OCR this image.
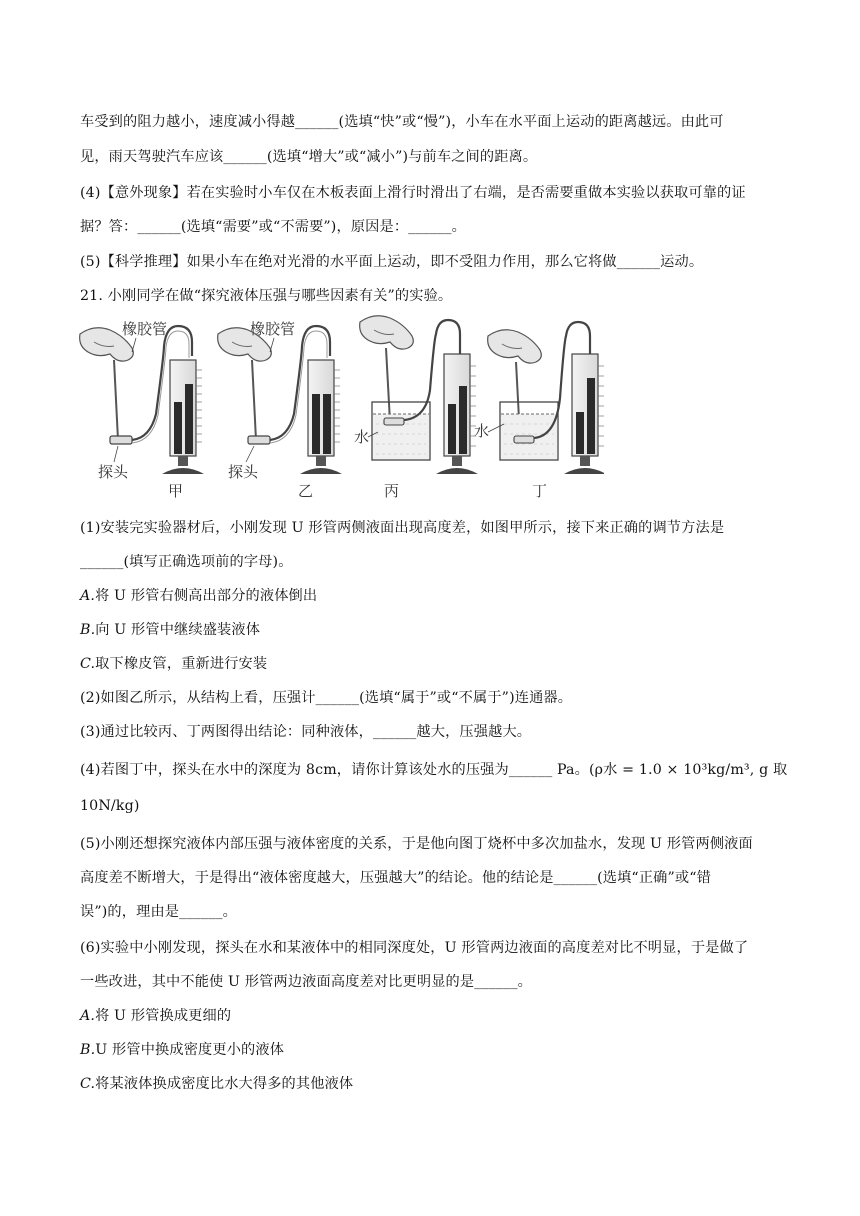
车受到的阻力越小，速度减小得越______(选填“快”或“慢”)，小车在水平面上运动的距离越远。由此可
见，雨天驾驶汽车应该______(选填“增大”或“减小”)与前车之间的距离。
(4)【意外现象】若在实验时小车仅在木板表面上滑行时滑出了右端，是否需要重做本实验以获取可靠的证
据？答：______(选填“需要”或“不需要”)，原因是：______。
(5)【科学推理】如果小车在绝对光滑的水平面上运动，即不受阻力作用，那么它将做______运动。
21. 小刚同学在做“探究液体压强与哪些因素有关”的实验。
橡胶管
探头
甲
橡胶管
探头
乙
水
丙
水
丁
(1)安装完实验器材后，小刚发现 U 形管两侧液面出现高度差，如图甲所示，接下来正确的调节方法是
______(填写正确选项前的字母)。
A.将 U 形管右侧高出部分的液体倒出
B.向 U 形管中继续盛装液体
C.取下橡皮管，重新进行安装
(2)如图乙所示，从结构上看，压强计______(选填“属于”或“不属于”)连通器。
(3)通过比较丙、丁两图得出结论：同种液体，______越大，压强越大。
(4)若图丁中，探头在水中的深度为 8cm，请你计算该处水的压强为______ Pa。(ρ水 = 1.0 × 10³kg/m³, g 取
10N/kg)
(5)小刚还想探究液体内部压强与液体密度的关系，于是他向图丁烧杯中多次加盐水，发现 U 形管两侧液面
高度差不断增大，于是得出“液体密度越大，压强越大”的结论。他的结论是______(选填“正确”或“错
误”)的，理由是______。
(6)实验中小刚发现，探头在水和某液体中的相同深度处，U 形管两边液面的高度差对比不明显，于是做了
一些改进，其中不能使 U 形管两边液面高度差对比更明显的是______。
A.将 U 形管换成更细的
B.U 形管中换成密度更小的液体
C.将某液体换成密度比水大得多的其他液体
